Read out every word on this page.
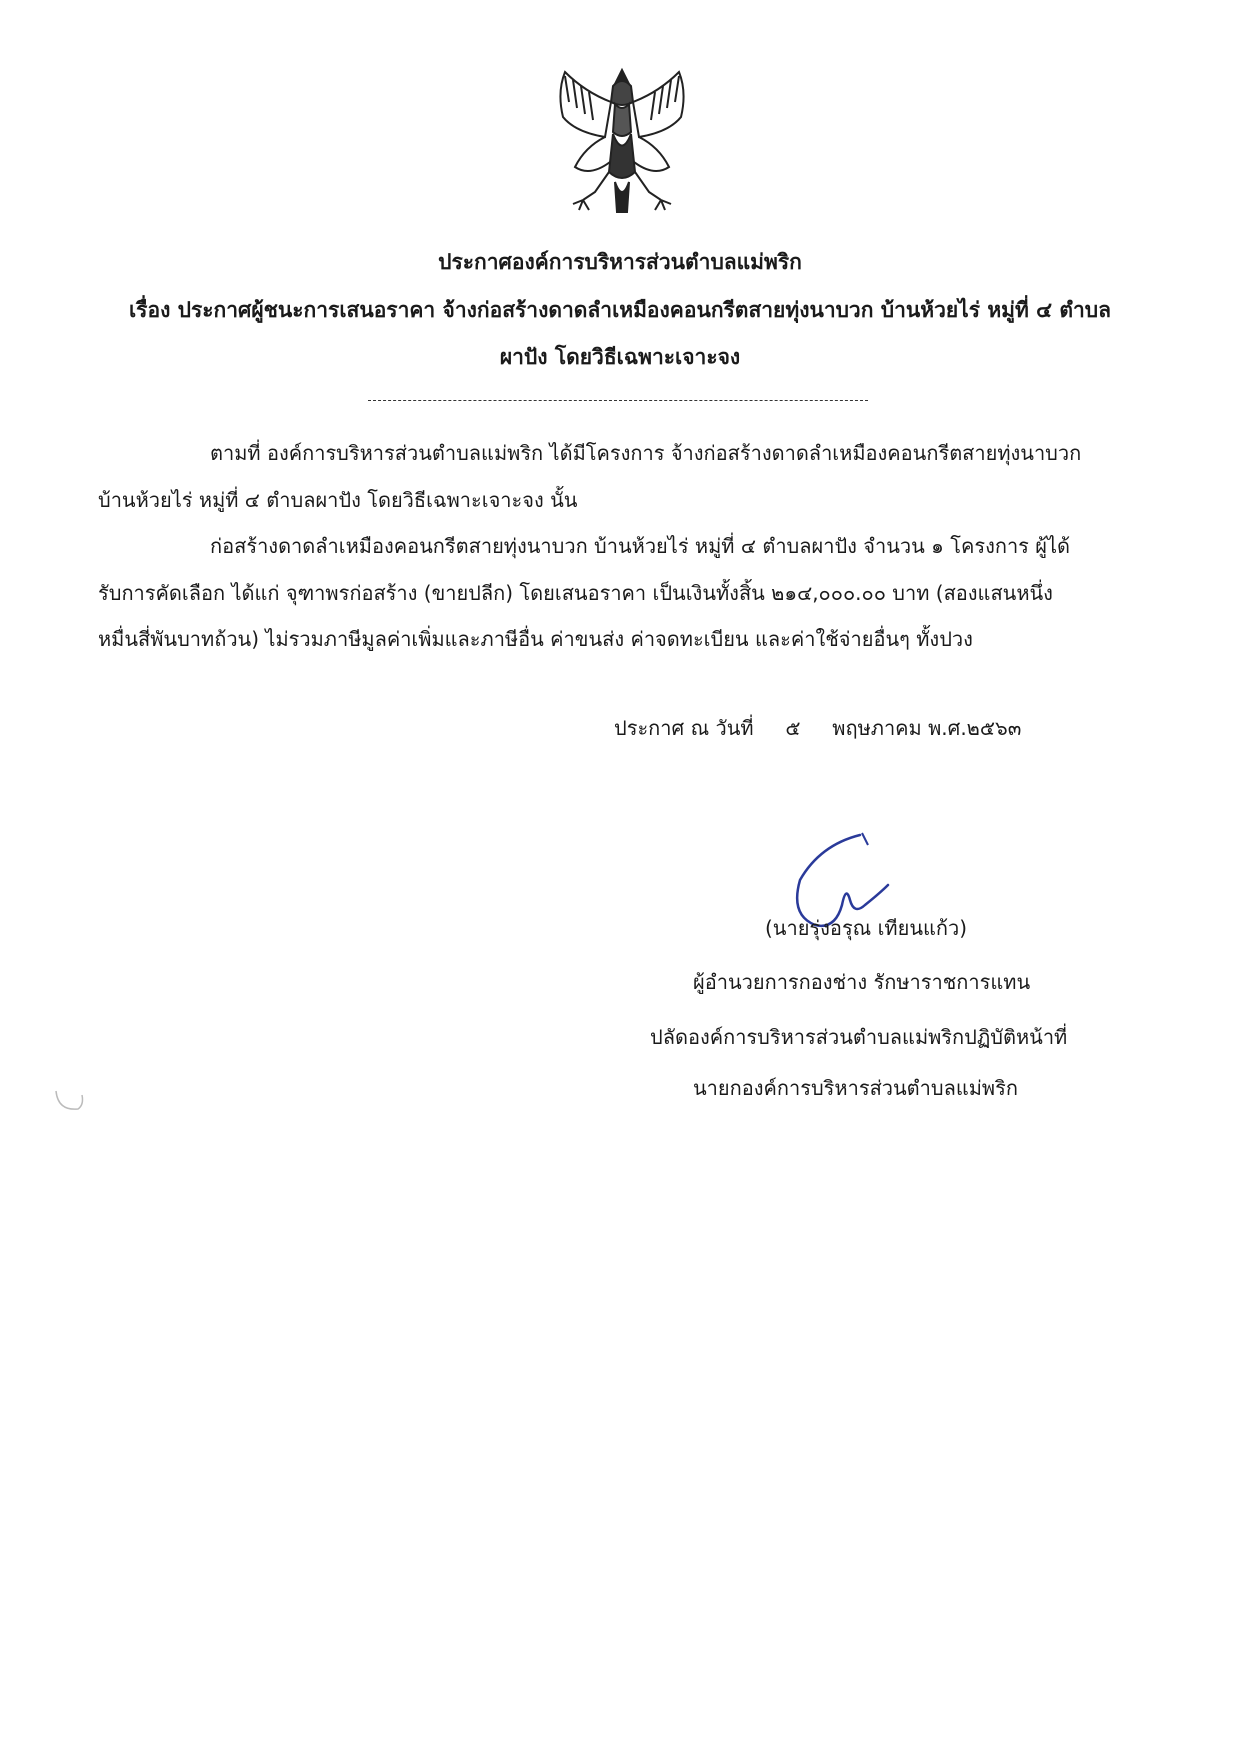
ประกาศองค์การบริหารส่วนตำบลแม่พริก

เรื่อง ประกาศผู้ชนะการเสนอราคา จ้างก่อสร้างดาดลำเหมืองคอนกรีตสายทุ่งนาบวก บ้านห้วยไร่ หมู่ที่ ๔ ตำบล

ผาปัง โดยวิธีเฉพาะเจาะจง

ตามที่ องค์การบริหารส่วนตำบลแม่พริก ได้มีโครงการ จ้างก่อสร้างดาดลำเหมืองคอนกรีตสายทุ่งนาบวก

บ้านห้วยไร่ หมู่ที่ ๔ ตำบลผาปัง โดยวิธีเฉพาะเจาะจง นั้น

ก่อสร้างดาดลำเหมืองคอนกรีตสายทุ่งนาบวก บ้านห้วยไร่ หมู่ที่ ๔ ตำบลผาปัง จำนวน ๑ โครงการ ผู้ได้

รับการคัดเลือก ได้แก่ จุฑาพรก่อสร้าง (ขายปลีก) โดยเสนอราคา เป็นเงินทั้งสิ้น ๒๑๔,๐๐๐.๐๐ บาท (สองแสนหนึ่ง

หมื่นสี่พันบาทถ้วน) ไม่รวมภาษีมูลค่าเพิ่มและภาษีอื่น ค่าขนส่ง ค่าจดทะเบียน และค่าใช้จ่ายอื่นๆ ทั้งปวง

ประกาศ ณ วันที่     ๕     พฤษภาคม พ.ศ.๒๕๖๓

(นายรุ่งอรุณ เทียนแก้ว)

ผู้อำนวยการกองช่าง รักษาราชการแทน

ปลัดองค์การบริหารส่วนตำบลแม่พริกปฏิบัติหน้าที่

นายกองค์การบริหารส่วนตำบลแม่พริก
